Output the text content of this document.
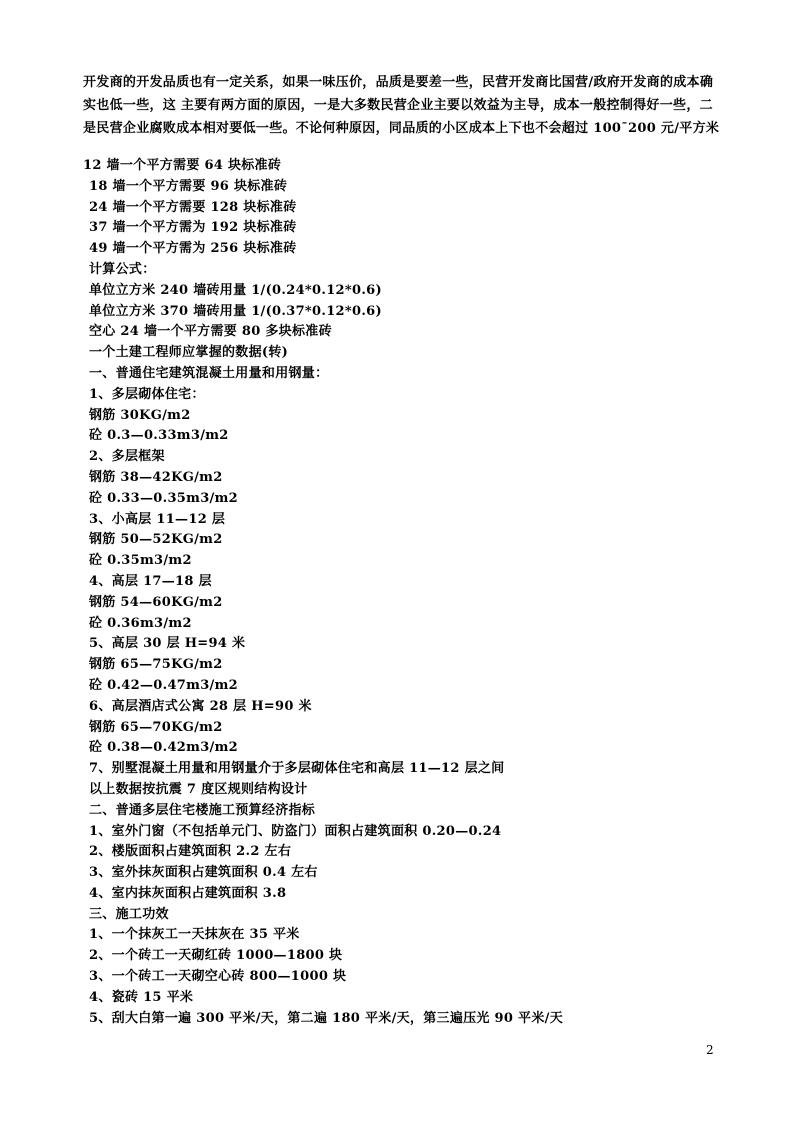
开发商的开发品质也有一定关系，如果一味压价，品质是要差一些，民营开发商比国营/政府开发商的成本确实也低一些，这 主要有两方面的原因，一是大多数民营企业主要以效益为主导，成本一般控制得好一些，二是民营企业腐败成本相对要低一些。不论何种原因，同品质的小区成本上下也不会超过 100¯200 元/平方米

12 墙一个平方需要 64 块标准砖
18 墙一个平方需要 96 块标准砖
24 墙一个平方需要 128 块标准砖
37 墙一个平方需为 192 块标准砖
49 墙一个平方需为 256 块标准砖
计算公式：
单位立方米 240 墙砖用量 1/(0.24*0.12*0.6)
单位立方米 370 墙砖用量 1/(0.37*0.12*0.6)
空心 24 墙一个平方需要 80 多块标准砖
一个土建工程师应掌握的数据(转)
一、普通住宅建筑混凝土用量和用钢量：
1、多层砌体住宅：
钢筋 30KG/m2
砼 0.3—0.33m3/m2
2、多层框架
钢筋 38—42KG/m2
砼 0.33—0.35m3/m2
3、小高层 11—12 层
钢筋 50—52KG/m2
砼 0.35m3/m2
4、高层 17—18 层
钢筋 54—60KG/m2
砼 0.36m3/m2
5、高层 30 层 H=94 米
钢筋 65—75KG/m2
砼 0.42—0.47m3/m2
6、高层酒店式公寓 28 层 H=90 米
钢筋 65—70KG/m2
砼 0.38—0.42m3/m2
7、别墅混凝土用量和用钢量介于多层砌体住宅和高层 11—12 层之间
以上数据按抗震 7 度区规则结构设计
二、普通多层住宅楼施工预算经济指标
1、室外门窗（不包括单元门、防盗门）面积占建筑面积 0.20—0.24
2、楼版面积占建筑面积 2.2 左右
3、室外抹灰面积占建筑面积 0.4 左右
4、室内抹灰面积占建筑面积 3.8
三、施工功效
1、一个抹灰工一天抹灰在 35 平米
2、一个砖工一天砌红砖 1000—1800 块
3、一个砖工一天砌空心砖 800—1000 块
4、瓷砖 15 平米
5、刮大白第一遍 300 平米/天，第二遍 180 平米/天，第三遍压光 90 平米/天
2
